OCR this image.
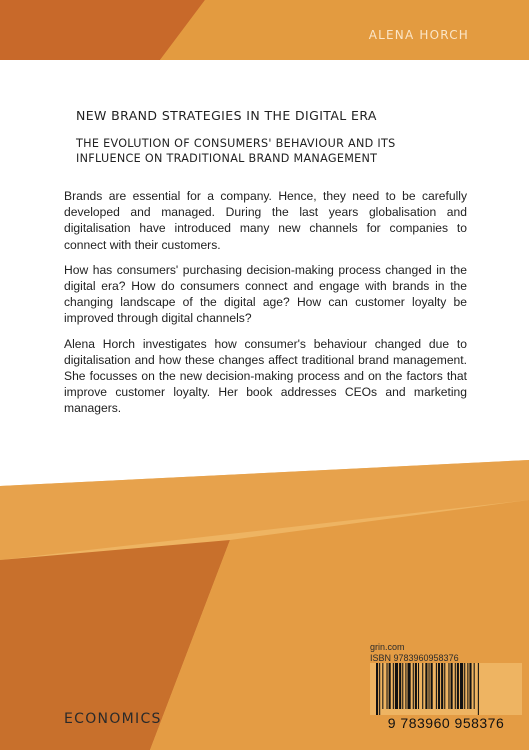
ALENA HORCH
NEW BRAND STRATEGIES IN THE DIGITAL ERA
THE EVOLUTION OF CONSUMERS' BEHAVIOUR AND ITS
INFLUENCE ON TRADITIONAL BRAND MANAGEMENT

Brands are essential for a company. Hence, they need to be carefully developed and managed. During the last years globalisation and digitalisation have introduced many new channels for companies to connect with their customers.

How has consumers' purchasing decision-making process changed in the digital era? How do consumers connect and engage with brands in the changing landscape of the digital age? How can customer loyalty be improved through digital channels?

Alena Horch investigates how consumer's behaviour changed due to digitalisation and how these changes affect traditional brand management. She focusses on the new decision-making process and on the factors that improve customer loyalty. Her book addresses CEOs and marketing managers.

grin.com
ISBN 9783960958376
9 783960 958376
ECONOMICS
